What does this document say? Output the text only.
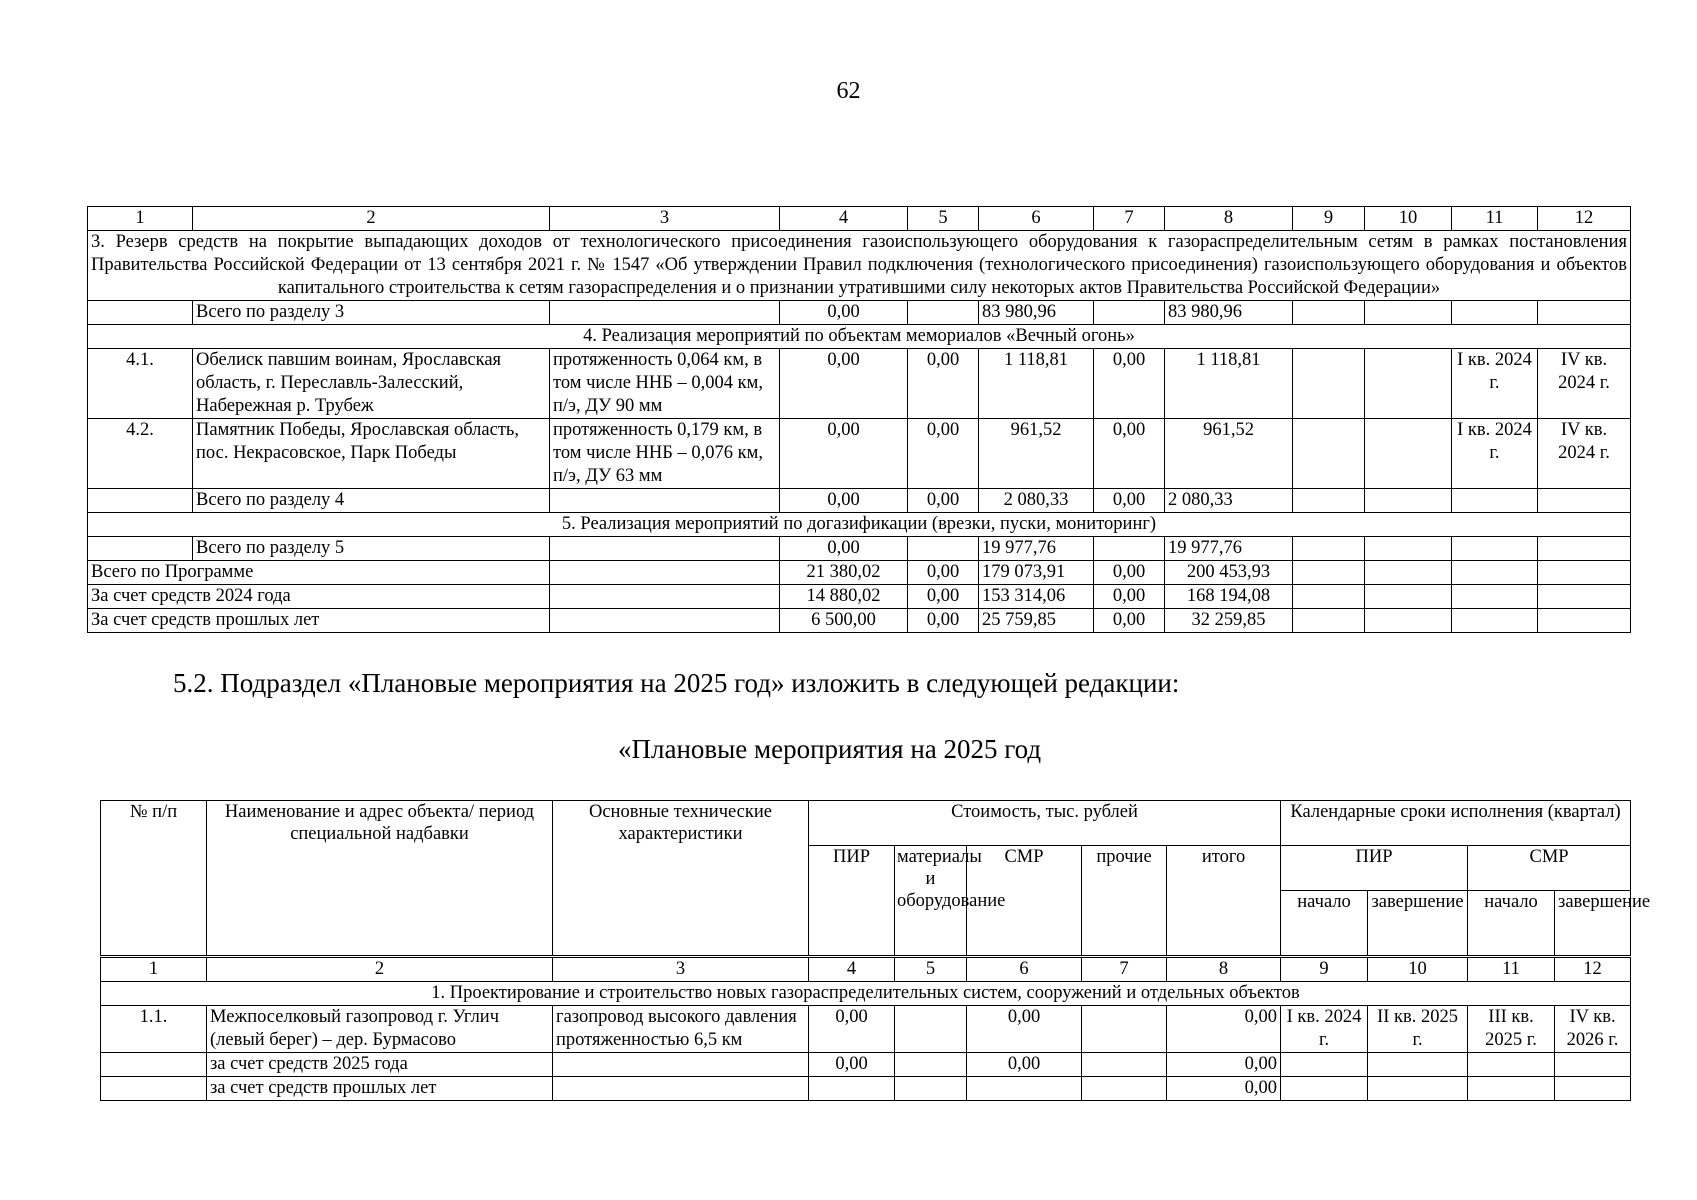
62
1	2	3	4	5	6	7	8	9	10	11	12
3. Резерв средств на покрытие выпадающих доходов от технологического присоединения газоиспользующего оборудования к газораспределительным сетям в рамках постановления Правительства Российской Федерации от 13 сентября 2021 г. № 1547 «Об утверждении Правил подключения (технологического присоединения) газоиспользующего оборудования и объектов капитального строительства к сетям газораспределения и о признании утратившими силу некоторых актов Правительства Российской Федерации»											
	Всего по разделу 3		0,00		83 980,96		83 980,96				
4. Реализация мероприятий по объектам мемориалов «Вечный огонь»											
4.1.	Обелиск павшим воинам, Ярославская область, г. Переславль-Залесский, Набережная р. Трубеж	протяженность 0,064 км, в том числе ННБ – 0,004 км, п/э, ДУ 90 мм	0,00	0,00	1 118,81	0,00	1 118,81			I кв. 2024 г.	IV кв. 2024 г.
4.2.	Памятник Победы, Ярославская область, пос. Некрасовское, Парк Победы	протяженность 0,179 км, в том числе ННБ – 0,076 км, п/э, ДУ 63 мм	0,00	0,00	961,52	0,00	961,52			I кв. 2024 г.	IV кв. 2024 г.
	Всего по разделу 4		0,00	0,00	2 080,33	0,00	2 080,33				
5. Реализация мероприятий по догазификации (врезки, пуски, мониторинг)											
	Всего по разделу 5		0,00		19 977,76		19 977,76				
Всего по Программе			21 380,02	0,00	179 073,91	0,00	200 453,93				
За счет средств 2024 года			14 880,02	0,00	153 314,06	0,00	168 194,08				
За счет средств прошлых лет			6 500,00	0,00	25 759,85	0,00	32 259,85				
5.2. Подраздел «Плановые мероприятия на 2025 год» изложить в следующей редакции:
«Плановые мероприятия на 2025 год
№ п/п	Наименование и адрес объекта/ период специальной надбавки	Основные технические характеристики	Стоимость, тыс. рублей					Календарные сроки исполнения (квартал)			
			ПИР	материалы и оборудование	СМР	прочие	итого	ПИР		СМР	
								начало	завершение	начало	завершение
1	2	3	4	5	6	7	8	9	10	11	12
1. Проектирование и строительство новых газораспределительных систем, сооружений и отдельных объектов											
1.1.	Межпоселковый газопровод г. Углич (левый берег) – дер. Бурмасово	газопровод высокого давления протяженностью 6,5 км	0,00		0,00		0,00	I кв. 2024 г.	II кв. 2025 г.	III кв. 2025 г.	IV кв. 2026 г.
	за счет средств 2025 года		0,00		0,00		0,00				
	за счет средств прошлых лет						0,00				
